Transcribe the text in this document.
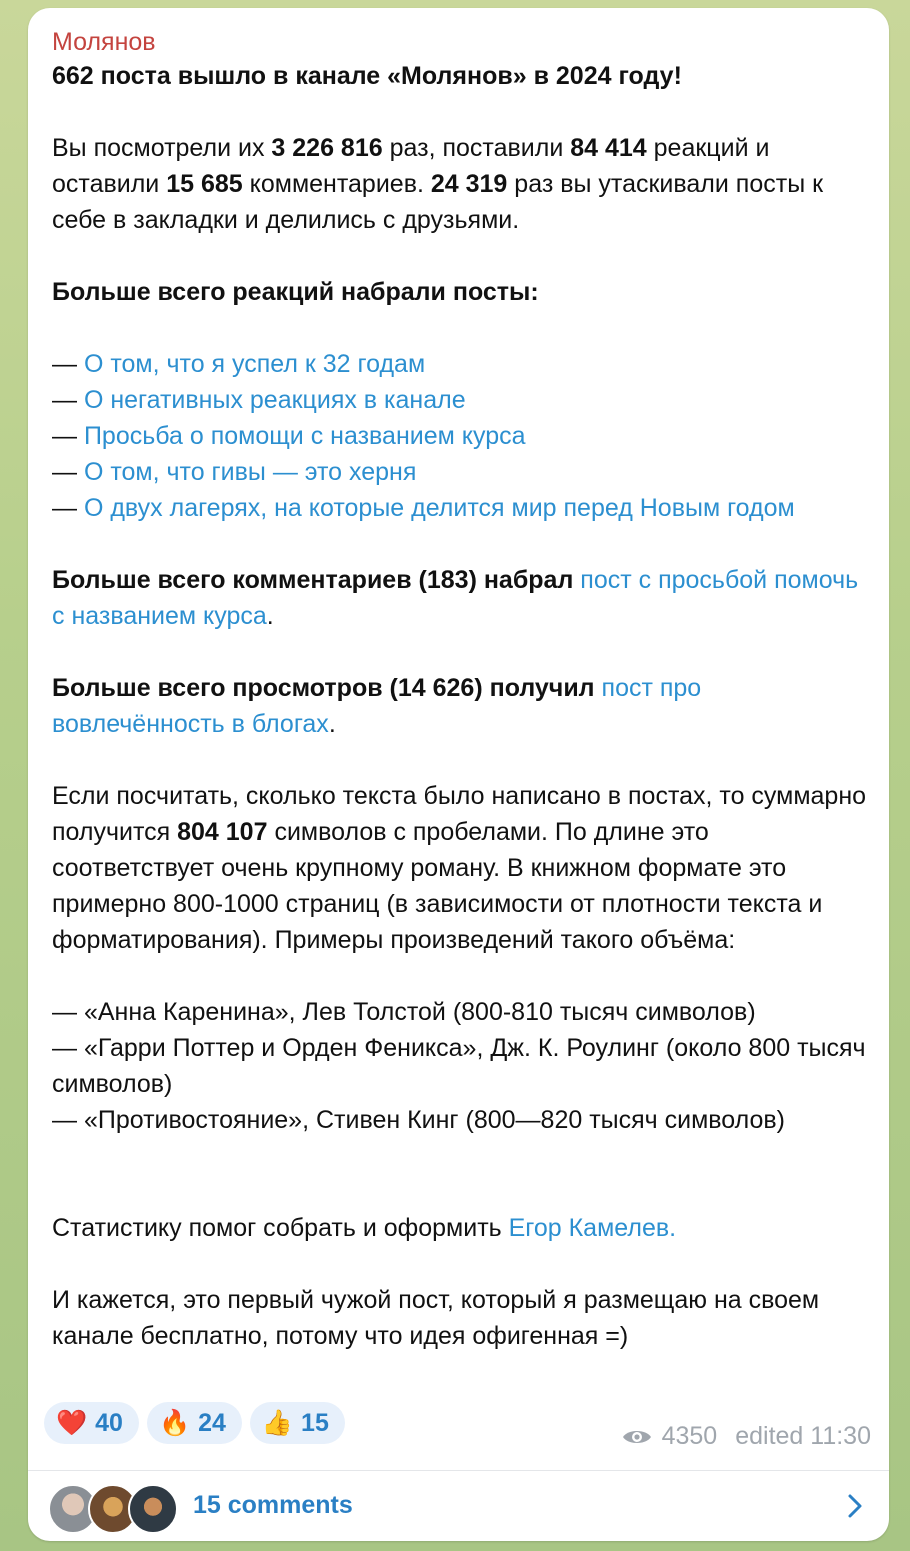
Молянов

662 поста вышло в канале «Молянов» в 2024 году!

Вы посмотрели их 3 226 816 раз, поставили 84 414 реакций и оставили 15 685 комментариев. 24 319 раз вы утаскивали посты к себе в закладки и делились с друзьями.

Больше всего реакций набрали посты:

— О том, что я успел к 32 годам

— О негативных реакциях в канале

— Просьба о помощи с названием курса

— О том, что гивы — это херня

— О двух лагерях, на которые делится мир перед Новым годом

Больше всего комментариев (183) набрал пост с просьбой помочь с названием курса.

Больше всего просмотров (14 626) получил пост про вовлечённость в блогах.

Если посчитать, сколько текста было написано в постах, то суммарно получится 804 107 символов с пробелами. По длине это соответствует очень крупному роману. В книжном формате это примерно 800-1000 страниц (в зависимости от плотности текста и форматирования). Примеры произведений такого объёма:

— «Анна Каренина», Лев Толстой (800-810 тысяч символов)

— «Гарри Поттер и Орден Феникса», Дж. К. Роулинг (около 800 тысяч символов)

— «Противостояние», Стивен Кинг (800—820 тысяч символов)

Статистику помог собрать и оформить Егор Камелев.

И кажется, это первый чужой пост, который я размещаю на своем канале бесплатно, потому что идея офигенная =)

❤️ 40 🔥 24 👍 15	4350 edited 11:30
15 comments
